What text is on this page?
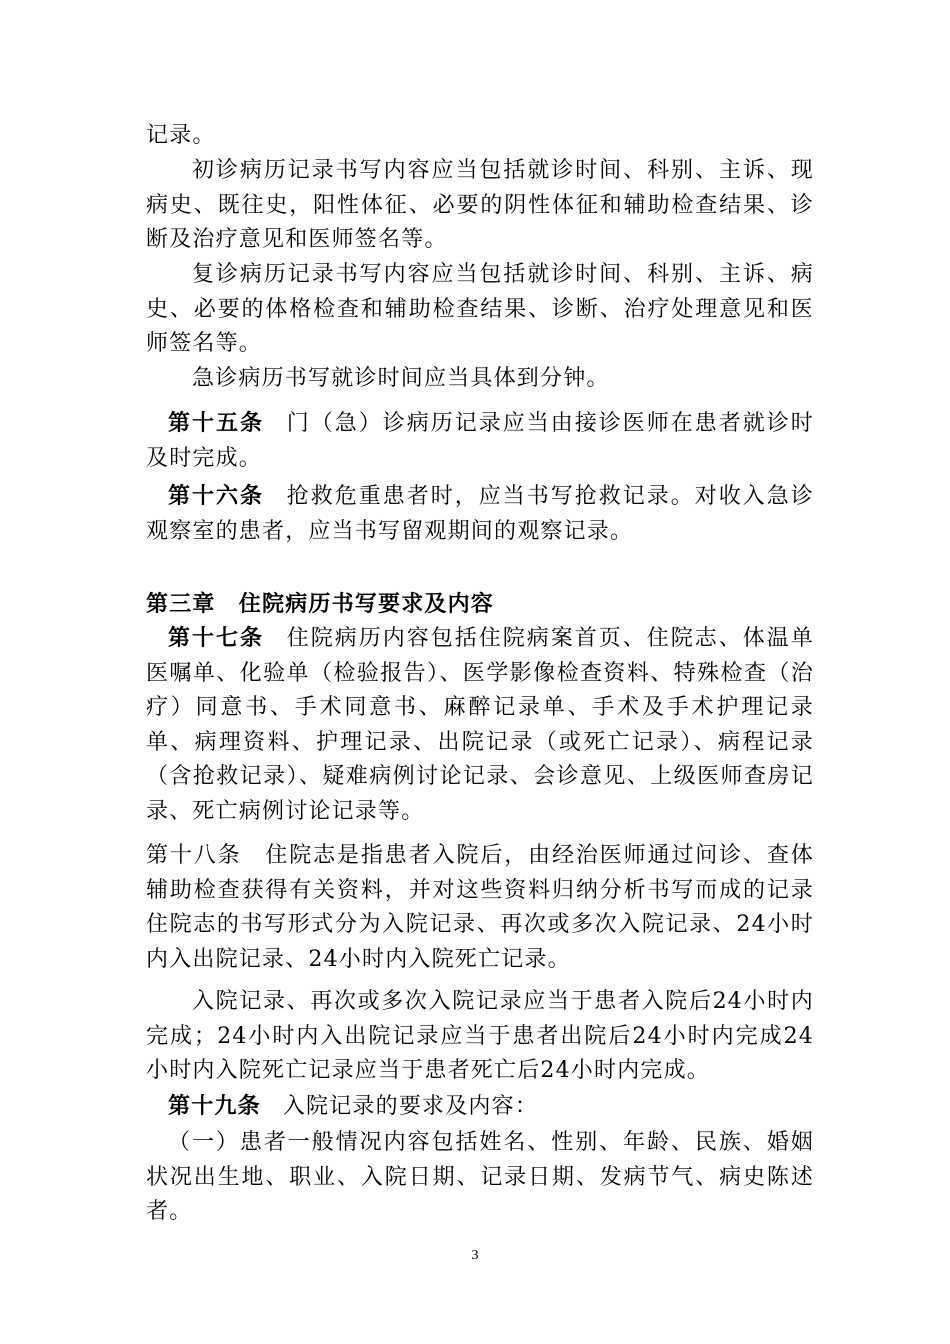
记录。
初诊病历记录书写内容应当包括就诊时间、科别、主诉、现病史、既往史，阳性体征、必要的阴性体征和辅助检查结果、诊断及治疗意见和医师签名等。
复诊病历记录书写内容应当包括就诊时间、科别、主诉、病史、必要的体格检查和辅助检查结果、诊断、治疗处理意见和医师签名等。
急诊病历书写就诊时间应当具体到分钟。
第十五条 门（急）诊病历记录应当由接诊医师在患者就诊时及时完成。
第十六条 抢救危重患者时，应当书写抢救记录。对收入急诊观察室的患者，应当书写留观期间的观察记录。
第三章　住院病历书写要求及内容
第十七条 住院病历内容包括住院病案首页、住院志、体温单医嘱单、化验单（检验报告）、医学影像检查资料、特殊检查（治疗）同意书、手术同意书、麻醉记录单、手术及手术护理记录单、病理资料、护理记录、出院记录（或死亡记录）、病程记录（含抢救记录）、疑难病例讨论记录、会诊意见、上级医师查房记录、死亡病例讨论记录等。
第十八条　住院志是指患者入院后，由经治医师通过问诊、查体辅助检查获得有关资料，并对这些资料归纳分析书写而成的记录住院志的书写形式分为入院记录、再次或多次入院记录、24小时内入出院记录、24小时内入院死亡记录。
入院记录、再次或多次入院记录应当于患者入院后24小时内完成；24小时内入出院记录应当于患者出院后24小时内完成24小时内入院死亡记录应当于患者死亡后24小时内完成。
第十九条 入院记录的要求及内容：
（一）患者一般情况内容包括姓名、性别、年龄、民族、婚姻状况出生地、职业、入院日期、记录日期、发病节气、病史陈述者。
3
